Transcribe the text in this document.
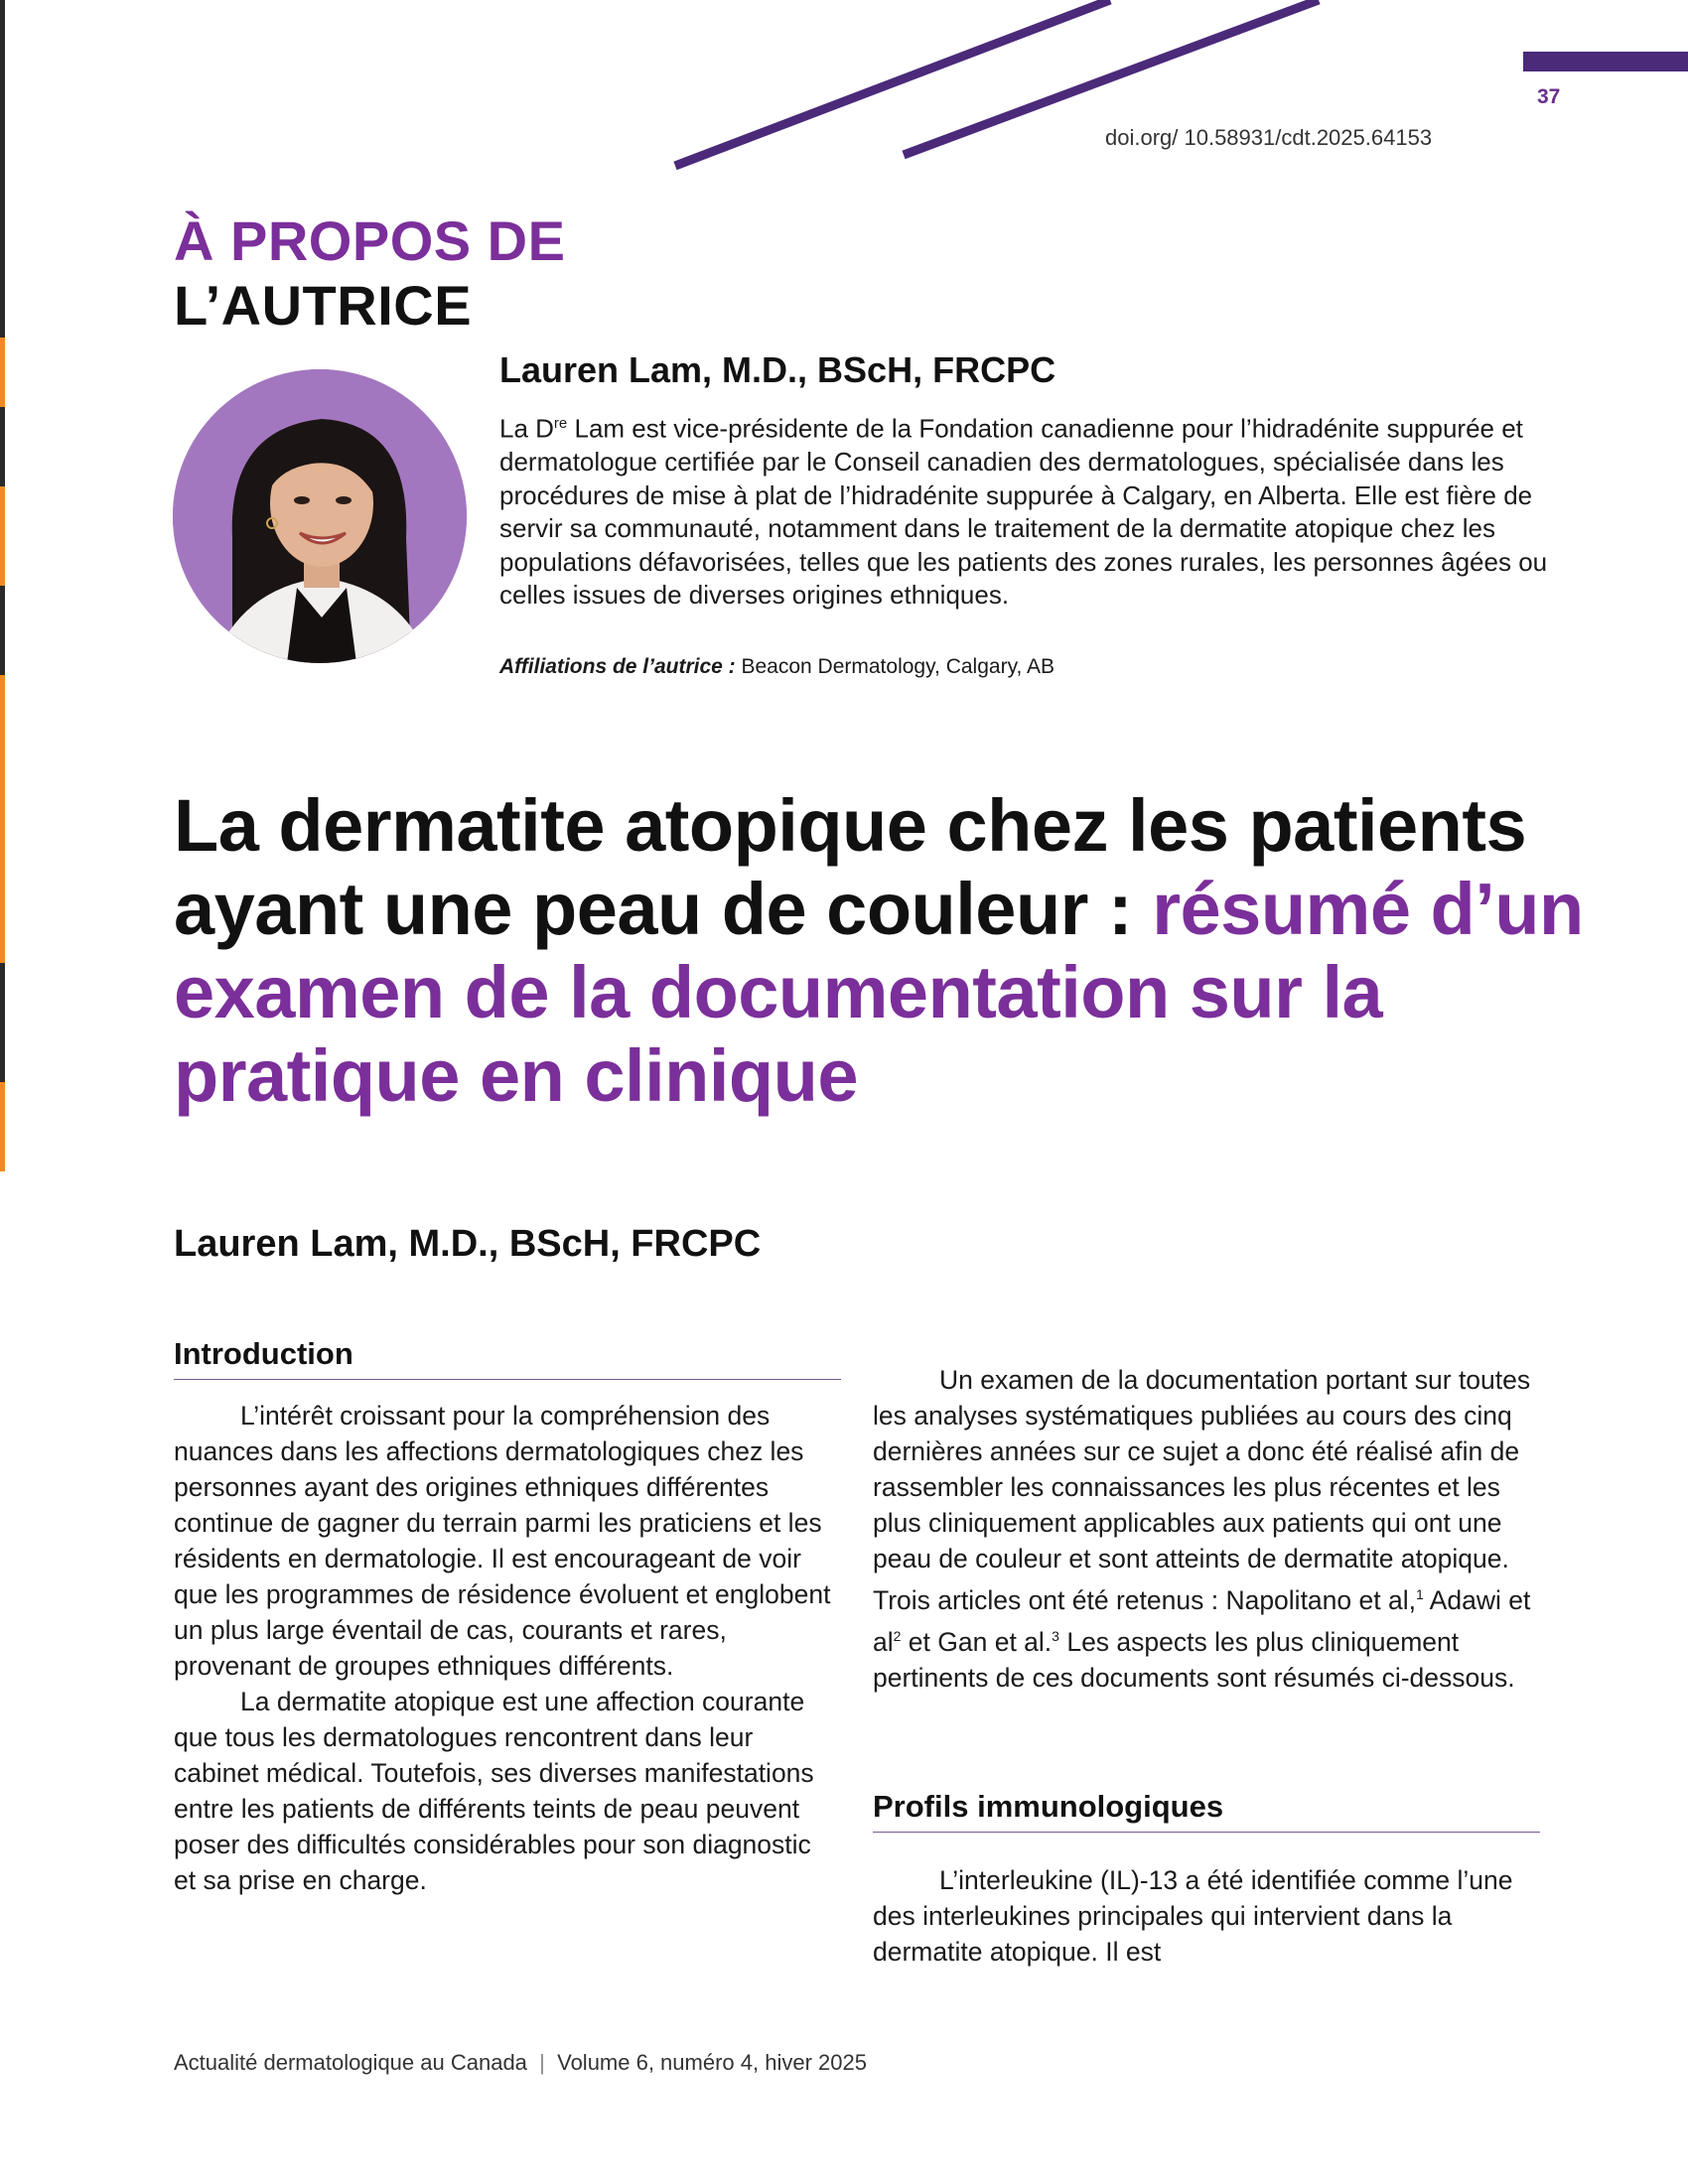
37
doi.org/ 10.58931/cdt.2025.64153
À PROPOS DE
L’AUTRICE
Lauren Lam, M.D., BScH, FRCPC
La Dre Lam est vice-présidente de la Fondation canadienne pour l’hidradénite suppurée et dermatologue certifiée par le Conseil canadien des dermatologues, spécialisée dans les procédures de mise à plat de l’hidradénite suppurée à Calgary, en Alberta. Elle est fière de servir sa communauté, notamment dans le traitement de la dermatite atopique chez les populations défavorisées, telles que les patients des zones rurales, les personnes âgées ou celles issues de diverses origines ethniques.
Affiliations de l’autrice : Beacon Dermatology, Calgary, AB
La dermatite atopique chez les patients ayant une peau de couleur : résumé d’un examen de la documentation sur la pratique en clinique
Lauren Lam, M.D., BScH, FRCPC
Introduction

L’intérêt croissant pour la compréhension des nuances dans les affections dermatologiques chez les personnes ayant des origines ethniques différentes continue de gagner du terrain parmi les praticiens et les résidents en dermatologie. Il est encourageant de voir que les programmes de résidence évoluent et englobent un plus large éventail de cas, courants et rares, provenant de groupes ethniques différents.

La dermatite atopique est une affection courante que tous les dermatologues rencontrent dans leur cabinet médical. Toutefois, ses diverses manifestations entre les patients de différents teints de peau peuvent poser des difficultés considérables pour son diagnostic et sa prise en charge.

Un examen de la documentation portant sur toutes les analyses systématiques publiées au cours des cinq dernières années sur ce sujet a donc été réalisé afin de rassembler les connaissances les plus récentes et les plus cliniquement applicables aux patients qui ont une peau de couleur et sont atteints de dermatite atopique. Trois articles ont été retenus : Napolitano et al,$^1$ Adawi et $al^2$ et Gan et al.$^3$ Les aspects les plus cliniquement pertinents de ces documents sont résumés ci-dessous.

Profils immunologiques

L’interleukine (IL)-13 a été identifiée comme l’une des interleukines principales qui intervient dans la dermatite atopique. Il est

Actualité dermatologique au Canada | Volume 6, numéro 4, hiver 2025
